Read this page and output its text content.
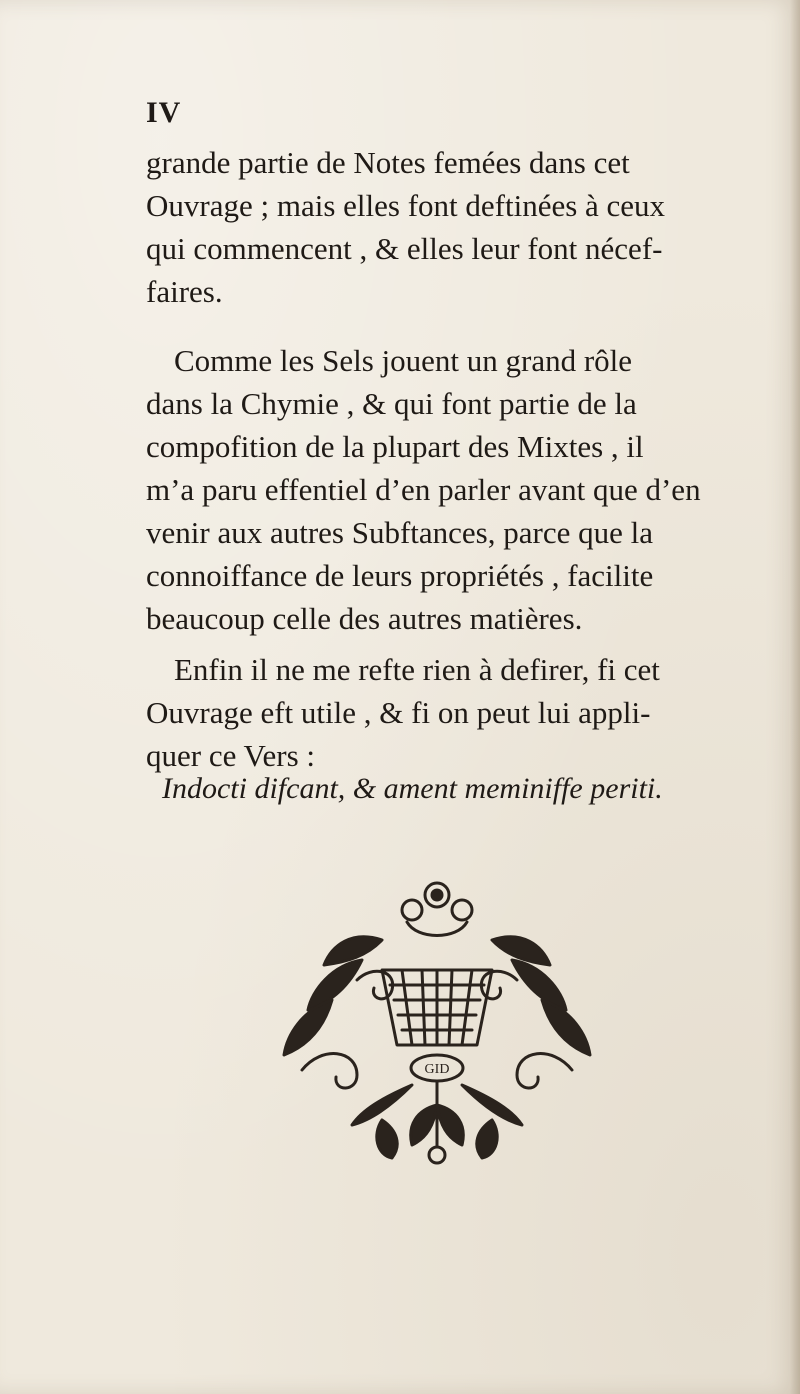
IV
grande partie de Notes femées dans cet
Ouvrage ; mais elles font deftinées à ceux
qui commencent , & elles leur font nécef-
faires.
Comme les Sels jouent un grand rôle
dans la Chymie , & qui font partie de la
compofition de la plupart des Mixtes , il
m’a paru effentiel d’en parler avant que d’en
venir aux autres Subftances, parce que la
connoiffance de leurs propriétés , facilite
beaucoup celle des autres matières.
Enfin il ne me refte rien à defirer, fi cet
Ouvrage eft utile , & fi on peut lui appli-
quer ce Vers :
Indocti difcant, & ament meminiffe periti.
GID
